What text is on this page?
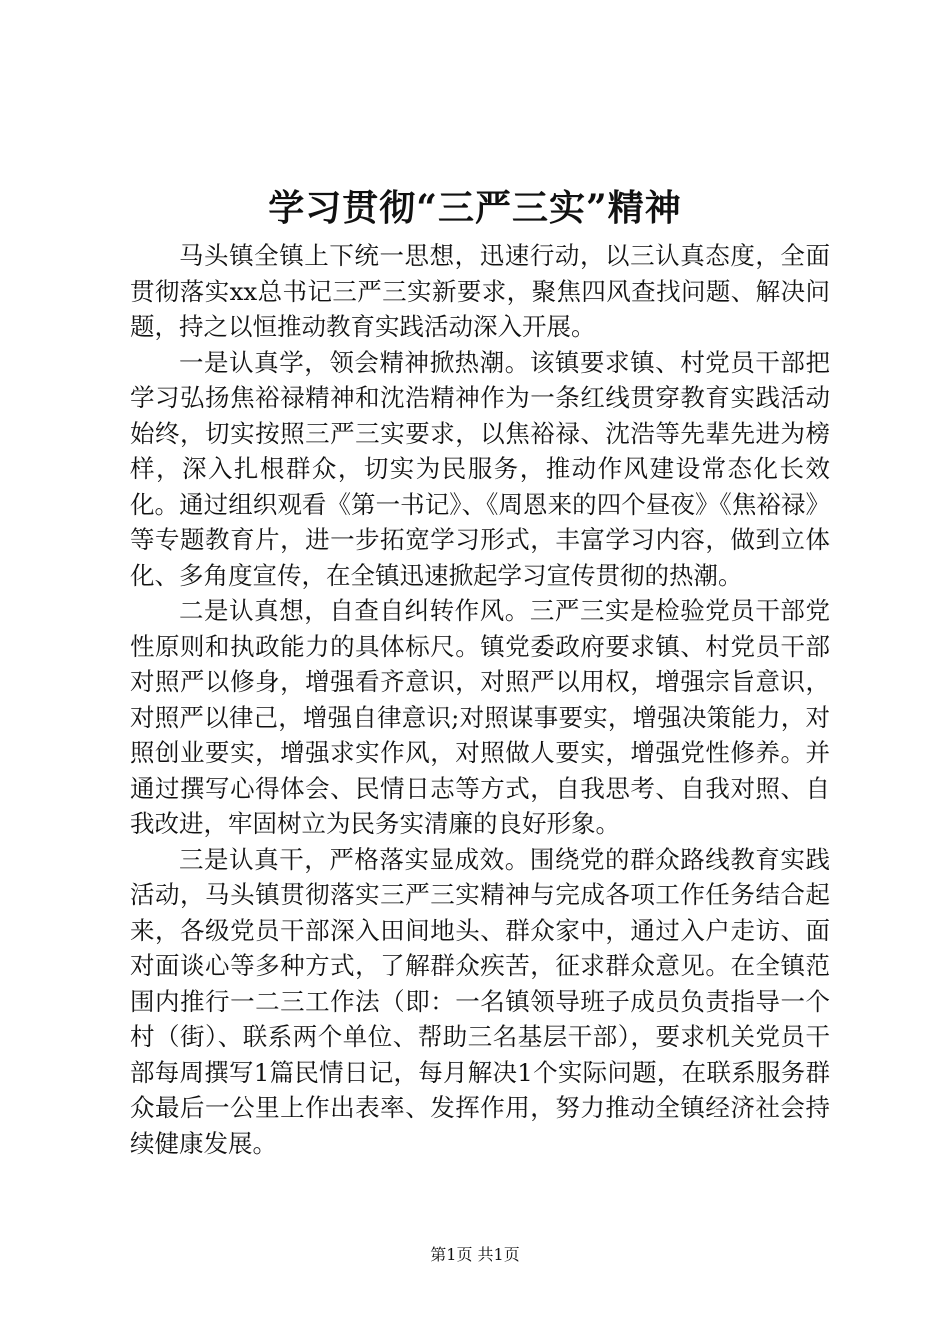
学习贯彻“三严三实”精神

马头镇全镇上下统一思想，迅速行动，以三认真态度，全面贯彻落实xx总书记三严三实新要求，聚焦四风查找问题、解决问题，持之以恒推动教育实践活动深入开展。

一是认真学，领会精神掀热潮。该镇要求镇、村党员干部把学习弘扬焦裕禄精神和沈浩精神作为一条红线贯穿教育实践活动始终，切实按照三严三实要求，以焦裕禄、沈浩等先辈先进为榜样，深入扎根群众，切实为民服务，推动作风建设常态化长效化。通过组织观看《第一书记》、《周恩来的四个昼夜》《焦裕禄》等专题教育片，进一步拓宽学习形式，丰富学习内容，做到立体化、多角度宣传，在全镇迅速掀起学习宣传贯彻的热潮。

二是认真想，自查自纠转作风。三严三实是检验党员干部党性原则和执政能力的具体标尺。镇党委政府要求镇、村党员干部对照严以修身，增强看齐意识，对照严以用权，增强宗旨意识，对照严以律己，增强自律意识;对照谋事要实，增强决策能力，对照创业要实，增强求实作风，对照做人要实，增强党性修养。并通过撰写心得体会、民情日志等方式，自我思考、自我对照、自我改进，牢固树立为民务实清廉的良好形象。

三是认真干，严格落实显成效。围绕党的群众路线教育实践活动，马头镇贯彻落实三严三实精神与完成各项工作任务结合起来，各级党员干部深入田间地头、群众家中，通过入户走访、面对面谈心等多种方式，了解群众疾苦，征求群众意见。在全镇范围内推行一二三工作法（即：一名镇领导班子成员负责指导一个村（街）、联系两个单位、帮助三名基层干部），要求机关党员干部每周撰写1篇民情日记，每月解决1个实际问题，在联系服务群众最后一公里上作出表率、发挥作用，努力推动全镇经济社会持续健康发展。

第1页 共1页
